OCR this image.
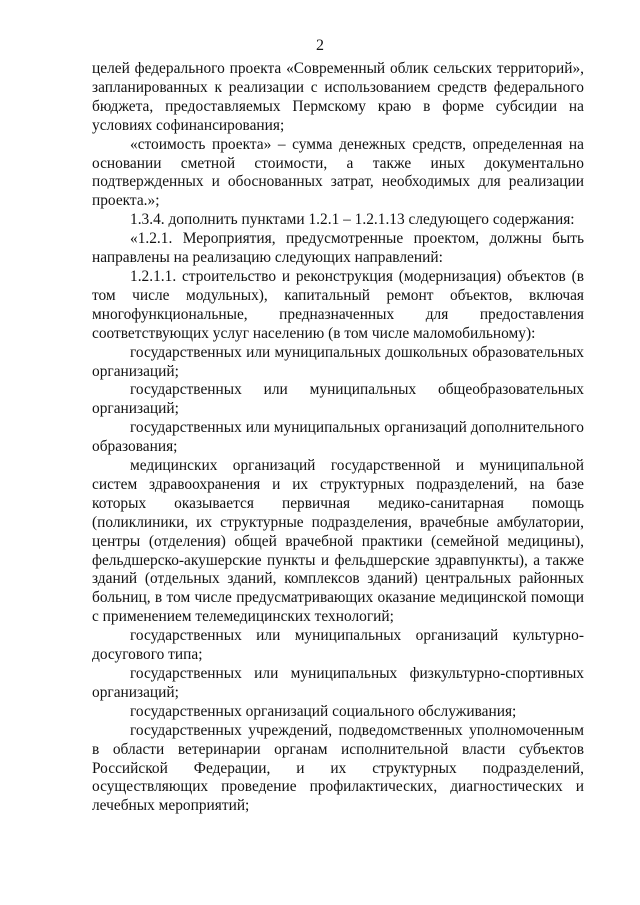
2

целей федерального проекта «Современный облик сельских территорий», запланированных к реализации с использованием средств федерального бюджета, предоставляемых Пермскому краю в форме субсидии на условиях софинансирования;

«стоимость проекта» – сумма денежных средств, определенная на основании сметной стоимости, а также иных документально подтвержденных и обоснованных затрат, необходимых для реализации проекта.»;

1.3.4. дополнить пунктами 1.2.1 – 1.2.1.13 следующего содержания:

«1.2.1. Мероприятия, предусмотренные проектом, должны быть направлены на реализацию следующих направлений:

1.2.1.1. строительство и реконструкция (модернизация) объектов (в том числе модульных), капитальный ремонт объектов, включая многофункциональные, предназначенных для предоставления соответствующих услуг населению (в том числе маломобильному):

государственных или муниципальных дошкольных образовательных организаций;

государственных или муниципальных общеобразовательных организаций;

государственных или муниципальных организаций дополнительного образования;

медицинских организаций государственной и муниципальной систем здравоохранения и их структурных подразделений, на базе которых оказывается первичная медико-санитарная помощь (поликлиники, их структурные подразделения, врачебные амбулатории, центры (отделения) общей врачебной практики (семейной медицины), фельдшерско-акушерские пункты и фельдшерские здравпункты), а также зданий (отдельных зданий, комплексов зданий) центральных районных больниц, в том числе предусматривающих оказание медицинской помощи с применением телемедицинских технологий;

государственных или муниципальных организаций культурно-досугового типа;

государственных или муниципальных физкультурно-спортивных организаций;

государственных организаций социального обслуживания;

государственных учреждений, подведомственных уполномоченным в области ветеринарии органам исполнительной власти субъектов Российской Федерации, и их структурных подразделений, осуществляющих проведение профилактических, диагностических и лечебных мероприятий;
